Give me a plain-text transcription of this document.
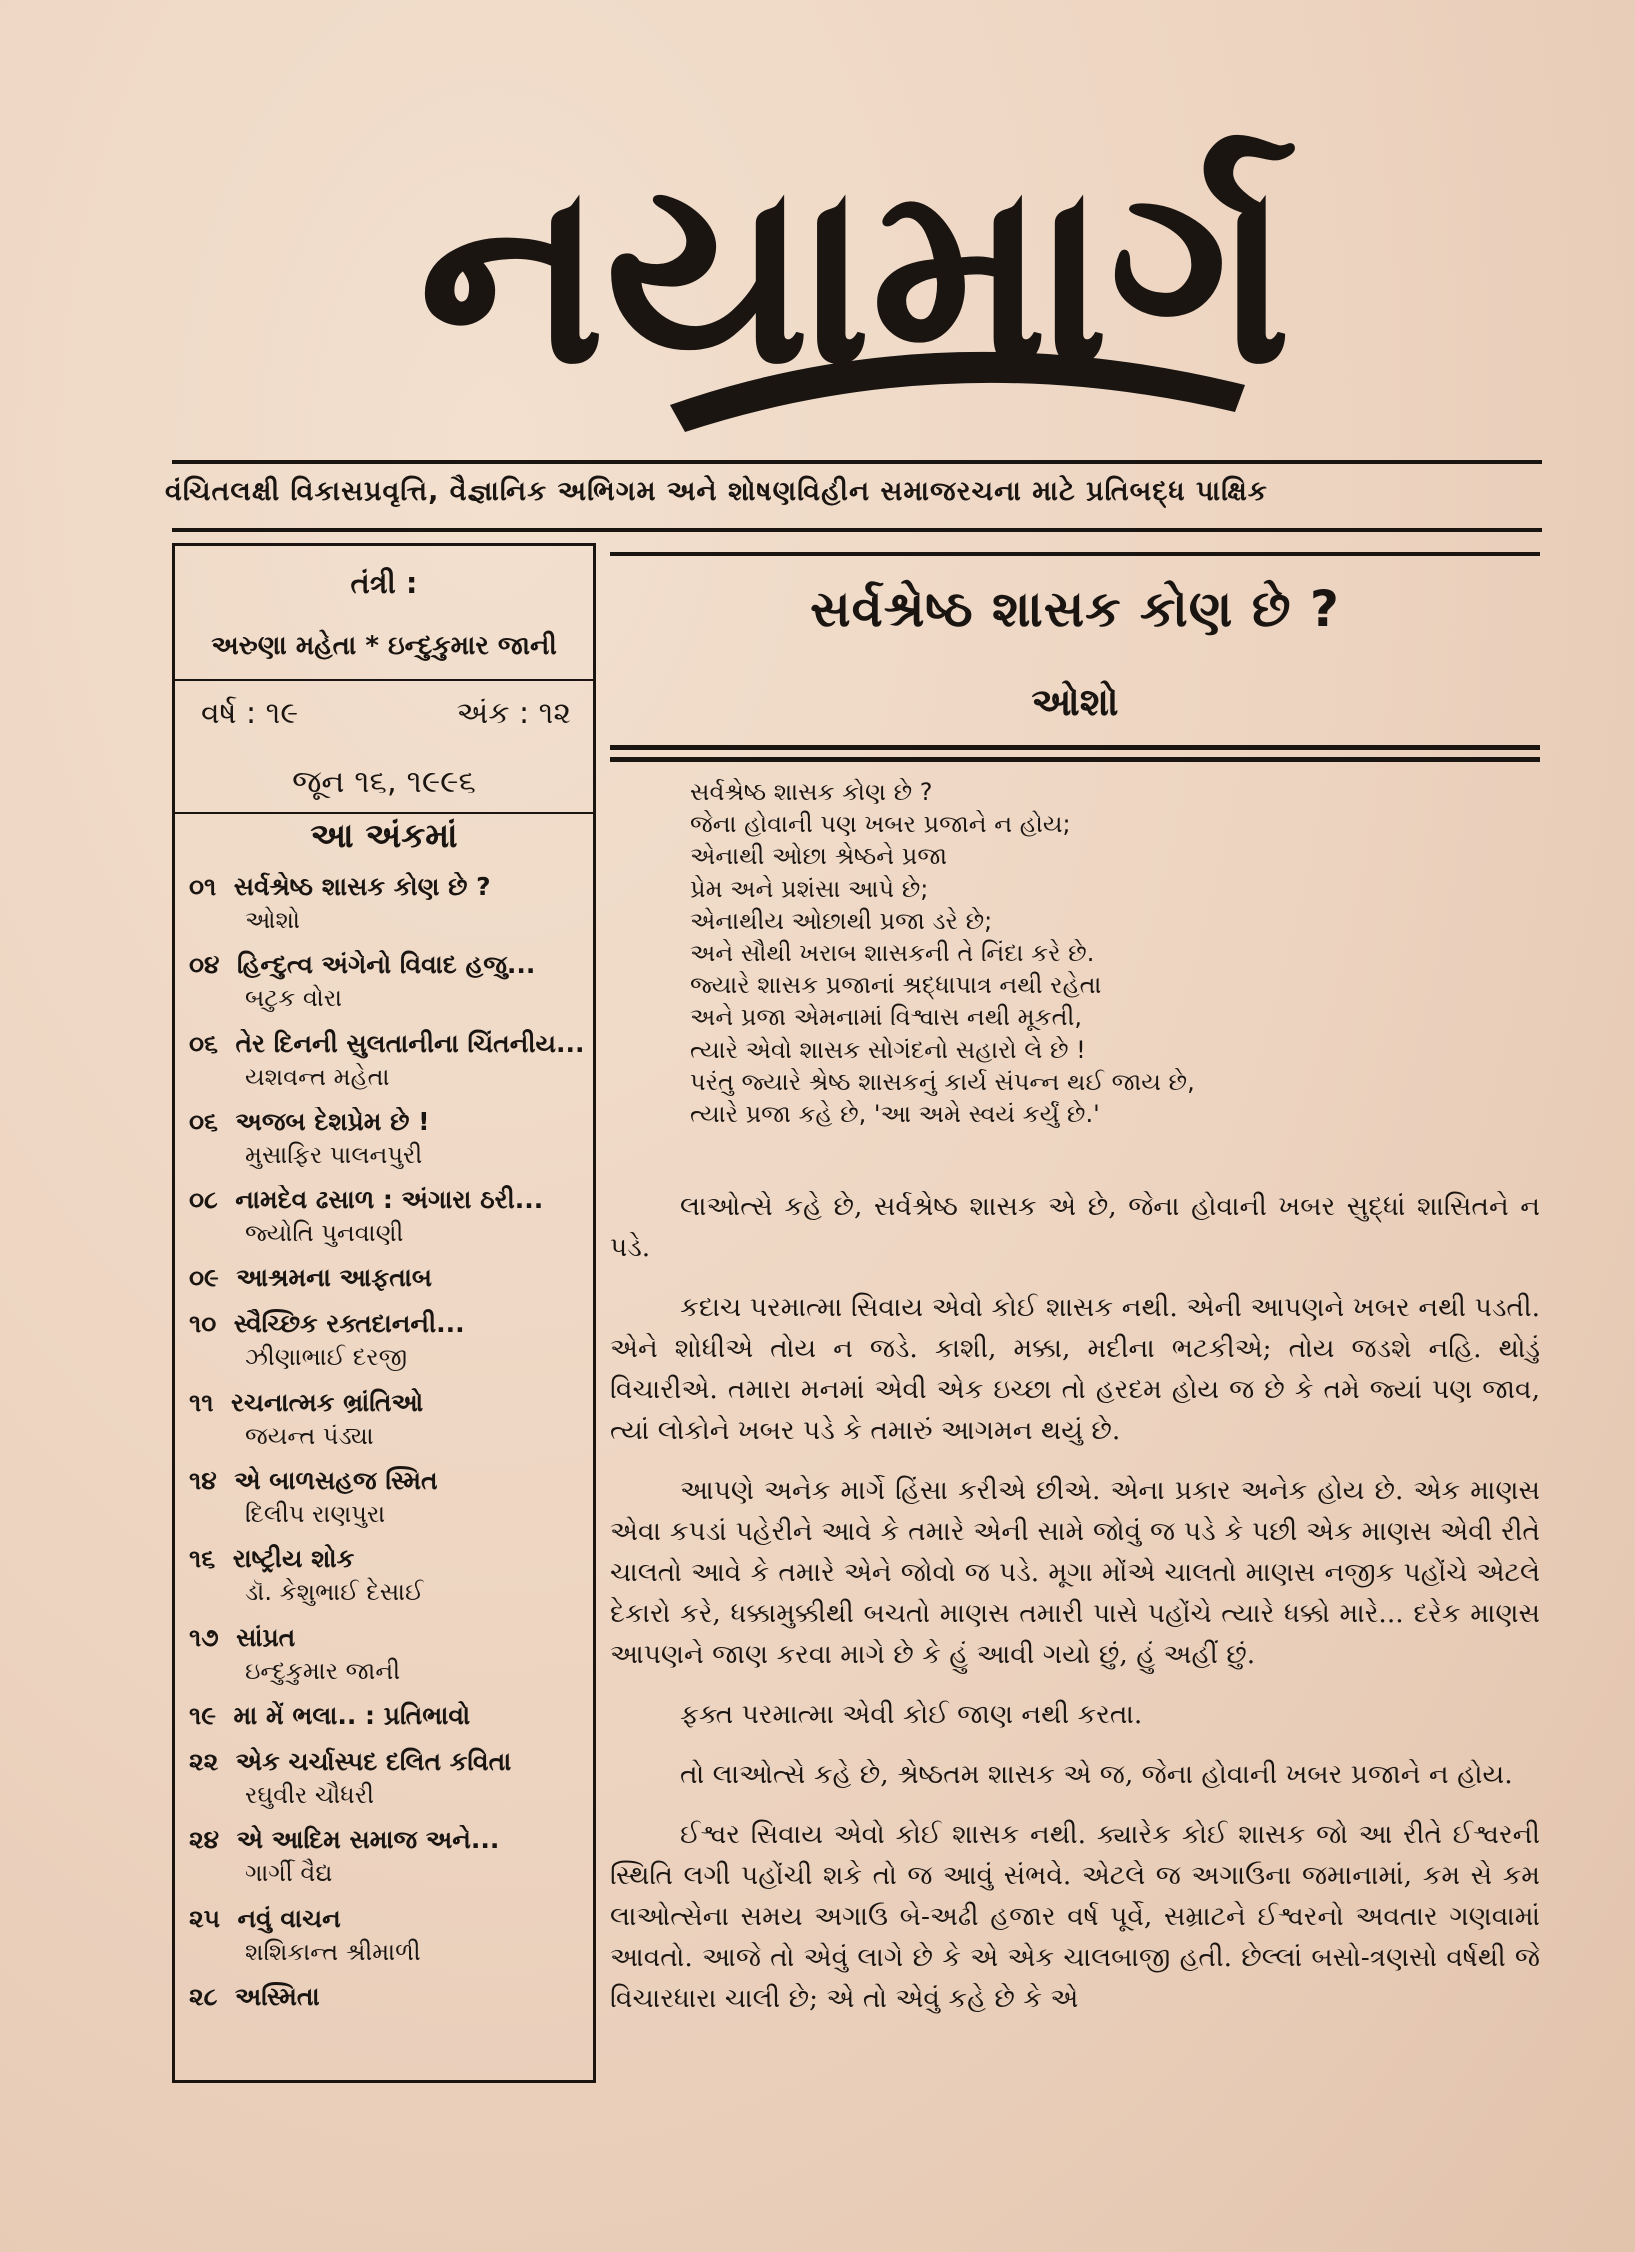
નયામાર્ગ
વંચિતલક્ષી વિકાસપ્રવૃત્તિ, વૈજ્ઞાનિક અભિગમ અને શોષણવિહીન સમાજરચના માટે પ્રતિબદ્ધ પાક્ષિક
તંત્રી :
અરુણા મહેતા * ઇન્દુકુમાર જાની
વર્ષ : ૧૯	અંક : ૧૨
જૂન ૧૬, ૧૯૯૬
આ અંકમાં
૦૧ સર્વશ્રેષ્ઠ શાસક કોણ છે ?
ઓશો
૦૪ હિન્દુત્વ અંગેનો વિવાદ હજુ...
બટુક વોરા
૦૬ તેર દિનની સુલતાનીના ચિંતનીય...
યશવન્ત મહેતા
૦૬ અજબ દેશપ્રેમ છે !
મુસાફિર પાલનપુરી
૦૮ નામદેવ ઢસાળ : અંગારા ઠરી...
જ્યોતિ પુનવાણી
૦૯ આશ્રમના આફતાબ
૧૦ સ્વૈચ્છિક રક્તદાનની...
ઝીણાભાઈ દરજી
૧૧ રચનાત્મક ભ્રાંતિઓ
જયન્ત પંડ્યા
૧૪ એ બાળસહજ સ્મિત
દિલીપ રાણપુરા
૧૬ રાષ્ટ્રીય શોક
ડૉ. કેશુભાઈ દેસાઈ
૧૭ સાંપ્રત
ઇન્દુકુમાર જાની
૧૯ મા મેં ભલા.. : પ્રતિભાવો
૨૨ એક ચર્ચાસ્પદ દલિત કવિતા
રઘુવીર ચૌધરી
૨૪ એ આદિમ સમાજ અને...
ગાર્ગી વૈદ્ય
૨૫ નવું વાચન
શશિકાન્ત શ્રીમાળી
૨૮ અસ્મિતા
સર્વશ્રેષ્ઠ શાસક કોણ છે ?
ઓશો
સર્વશ્રેષ્ઠ શાસક કોણ છે ?
જેના હોવાની પણ ખબર પ્રજાને ન હોય;
એનાથી ઓછા શ્રેષ્ઠને પ્રજા
પ્રેમ અને પ્રશંસા આપે છે;
એનાથીય ઓછાથી પ્રજા ડરે છે;
અને સૌથી ખરાબ શાસકની તે નિંદા કરે છે.
જ્યારે શાસક પ્રજાનાં શ્રદ્ધાપાત્ર નથી રહેતા
અને પ્રજા એમનામાં વિશ્વાસ નથી મૂકતી,
ત્યારે એવો શાસક સોગંદનો સહારો લે છે !
પરંતુ જ્યારે શ્રેષ્ઠ શાસકનું કાર્ય સંપન્ન થઈ જાય છે,
ત્યારે પ્રજા કહે છે, 'આ અમે સ્વયં કર્યું છે.'

લાઓત્સે કહે છે, સર્વશ્રેષ્ઠ શાસક એ છે, જેના હોવાની ખબર સુદ્ધાં શાસિતને ન પડે.

કદાચ પરમાત્મા સિવાય એવો કોઈ શાસક નથી. એની આપણને ખબર નથી પડતી. એને શોધીએ તોય ન જડે. કાશી, મક્કા, મદીના ભટકીએ; તોય જડશે નહિ. થોડું વિચારીએ. તમારા મનમાં એવી એક ઇચ્છા તો હરદમ હોય જ છે કે તમે જ્યાં પણ જાવ, ત્યાં લોકોને ખબર પડે કે તમારું આગમન થયું છે.

આપણે અનેક માર્ગે હિંસા કરીએ છીએ. એના પ્રકાર અનેક હોય છે. એક માણસ એવા કપડાં પહેરીને આવે કે તમારે એની સામે જોવું જ પડે કે પછી એક માણસ એવી રીતે ચાલતો આવે કે તમારે એને જોવો જ પડે. મૂગા મોંએ ચાલતો માણસ નજીક પહોંચે એટલે દેકારો કરે, ધક્કામુક્કીથી બચતો માણસ તમારી પાસે પહોંચે ત્યારે ધક્કો મારે... દરેક માણસ આપણને જાણ કરવા માગે છે કે હું આવી ગયો છું, હું અહીં છું.

ફક્ત પરમાત્મા એવી કોઈ જાણ નથી કરતા.

તો લાઓત્સે કહે છે, શ્રેષ્ઠતમ શાસક એ જ, જેના હોવાની ખબર પ્રજાને ન હોય.

ઈશ્વર સિવાય એવો કોઈ શાસક નથી. ક્યારેક કોઈ શાસક જો આ રીતે ઈશ્વરની સ્થિતિ લગી પહોંચી શકે તો જ આવું સંભવે. એટલે જ અગાઉના જમાનામાં, કમ સે કમ લાઓત્સેના સમય અગાઉ બે-અઢી હજાર વર્ષ પૂર્વે, સમ્રાટને ઈશ્વરનો અવતાર ગણવામાં આવતો. આજે તો એવું લાગે છે કે એ એક ચાલબાજી હતી. છેલ્લાં બસો-ત્રણસો વર્ષથી જે વિચારધારા ચાલી છે; એ તો એવું કહે છે કે એ
